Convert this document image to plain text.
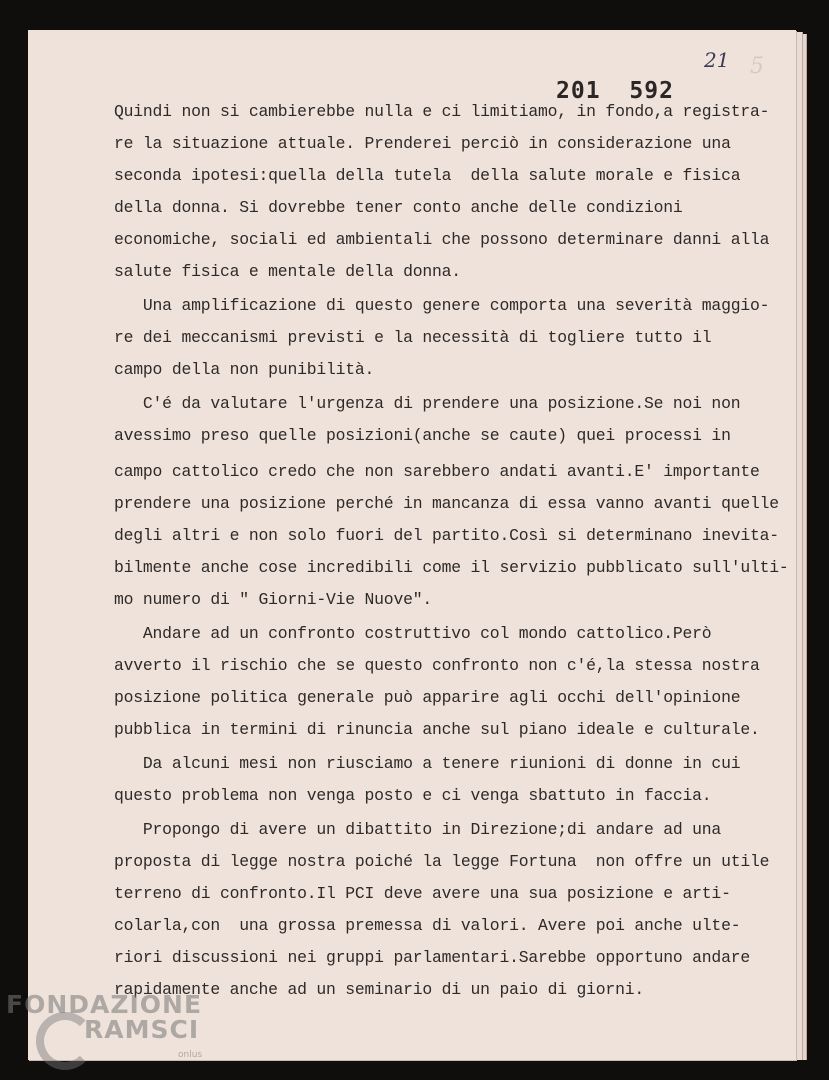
21 5
201 592
Quindi non si cambierebbe nulla e ci limitiamo, in fondo,a registra-
re la situazione attuale. Prenderei perciò in considerazione una
seconda ipotesi:quella della tutela  della salute morale e fisica
della donna. Si dovrebbe tener conto anche delle condizioni
economiche, sociali ed ambientali che possono determinare danni alla
salute fisica e mentale della donna.
Una amplificazione di questo genere comporta una severità maggio-
re dei meccanismi previsti e la necessità di togliere tutto il
campo della non punibilità.
C'é da valutare l'urgenza di prendere una posizione.Se noi non
avessimo preso quelle posizioni(anche se caute) quei processi in
campo cattolico credo che non sarebbero andati avanti.E' importante
prendere una posizione perché in mancanza di essa vanno avanti quelle
degli altri e non solo fuori del partito.Così si determinano inevita-
bilmente anche cose incredibili come il servizio pubblicato sull'ulti-
mo numero di " Giorni-Vie Nuove".
Andare ad un confronto costruttivo col mondo cattolico.Però
avverto il rischio che se questo confronto non c'é,la stessa nostra
posizione politica generale può apparire agli occhi dell'opinione
pubblica in termini di rinuncia anche sul piano ideale e culturale.
Da alcuni mesi non riusciamo a tenere riunioni di donne in cui
questo problema non venga posto e ci venga sbattuto in faccia.
Propongo di avere un dibattito in Direzione;di andare ad una
proposta di legge nostra poiché la legge Fortuna  non offre un utile
terreno di confronto.Il PCI deve avere una sua posizione e arti-
colarla,con  una grossa premessa di valori. Avere poi anche ulte-
riori discussioni nei gruppi parlamentari.Sarebbe opportuno andare
rapidamente anche ad un seminario di un paio di giorni.
FONDAZIONE
RAMSCI
onlus
